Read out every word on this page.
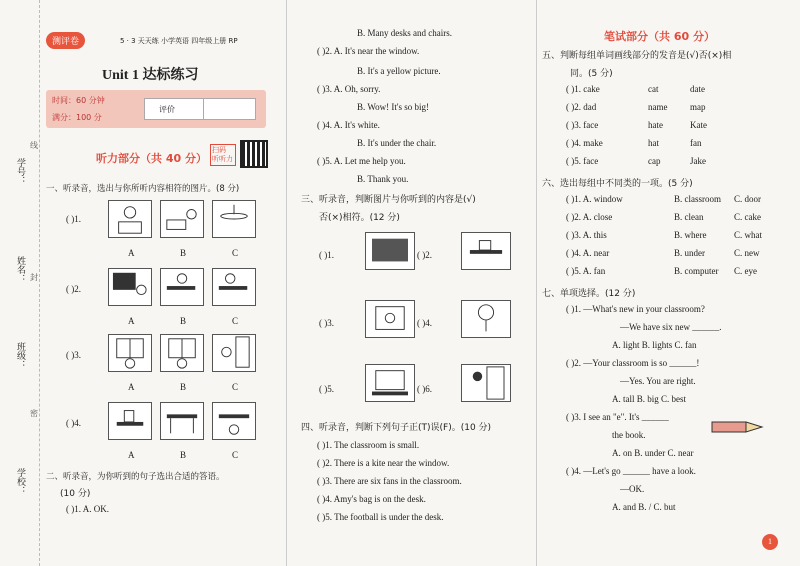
学号：
姓名：
班级：
学校：
线
封
密
测评卷	5 · 3 天天练 小学英语 四年级上册 RP
Unit 1 达标练习
时间：60 分钟
满分：100 分
评价
听力部分（共 40 分）
扫码 听听力
一、听录音，选出与你所听内容相符的图片。(8 分)
( )1.
A	B	C
( )2.
A	B	C
( )3.
A	B	C
( )4.
A	B	C
二、听录音，为你听到的句子选出合适的答语。
(10 分)
( )1. A. OK.
B. Many desks and chairs.
( )2. A. It's near the window.
B. It's a yellow picture.
( )3. A. Oh, sorry.
B. Wow! It's so big!
( )4. A. It's white.
B. It's under the chair.
( )5. A. Let me help you.
B. Thank you.
三、听录音，判断图片与你听到的内容是(√)
否(×)相符。(12 分)
( )1.	( )2.
( )3.	( )4.
( )5.	( )6.
四、听录音，判断下列句子正(T)误(F)。(10 分)
( )1. The classroom is small.
( )2. There is a kite near the window.
( )3. There are six fans in the classroom.
( )4. Amy's bag is on the desk.
( )5. The football is under the desk.
笔试部分（共 60 分）
五、判断每组单词画线部分的发音是(√)否(×)相
同。(5 分)
( )1. cake	cat	date
( )2. dad	name	map
( )3. face	hate	Kate
( )4. make	hat	fan
( )5. face	cap	Jake
六、选出每组中不同类的一项。(5 分)
( )1. A. window	B. classroom C. door
( )2. A. close	B. clean	C. cake
( )3. A. this	B. where	C. what
( )4. A. near	B. under	C. new
( )5. A. fan	B. computer C. eye
七、单项选择。(12 分)
( )1. —What's new in your classroom?
—We have six new ______.
A. light B. lights C. fan
( )2. —Your classroom is so ______!
—Yes. You are right.
A. tall B. big C. best
( )3. I see an "e". It's ______
the book.
A. on B. under C. near
( )4. —Let's go ______ have a look.
—OK.
A. and B. / C. but
1
